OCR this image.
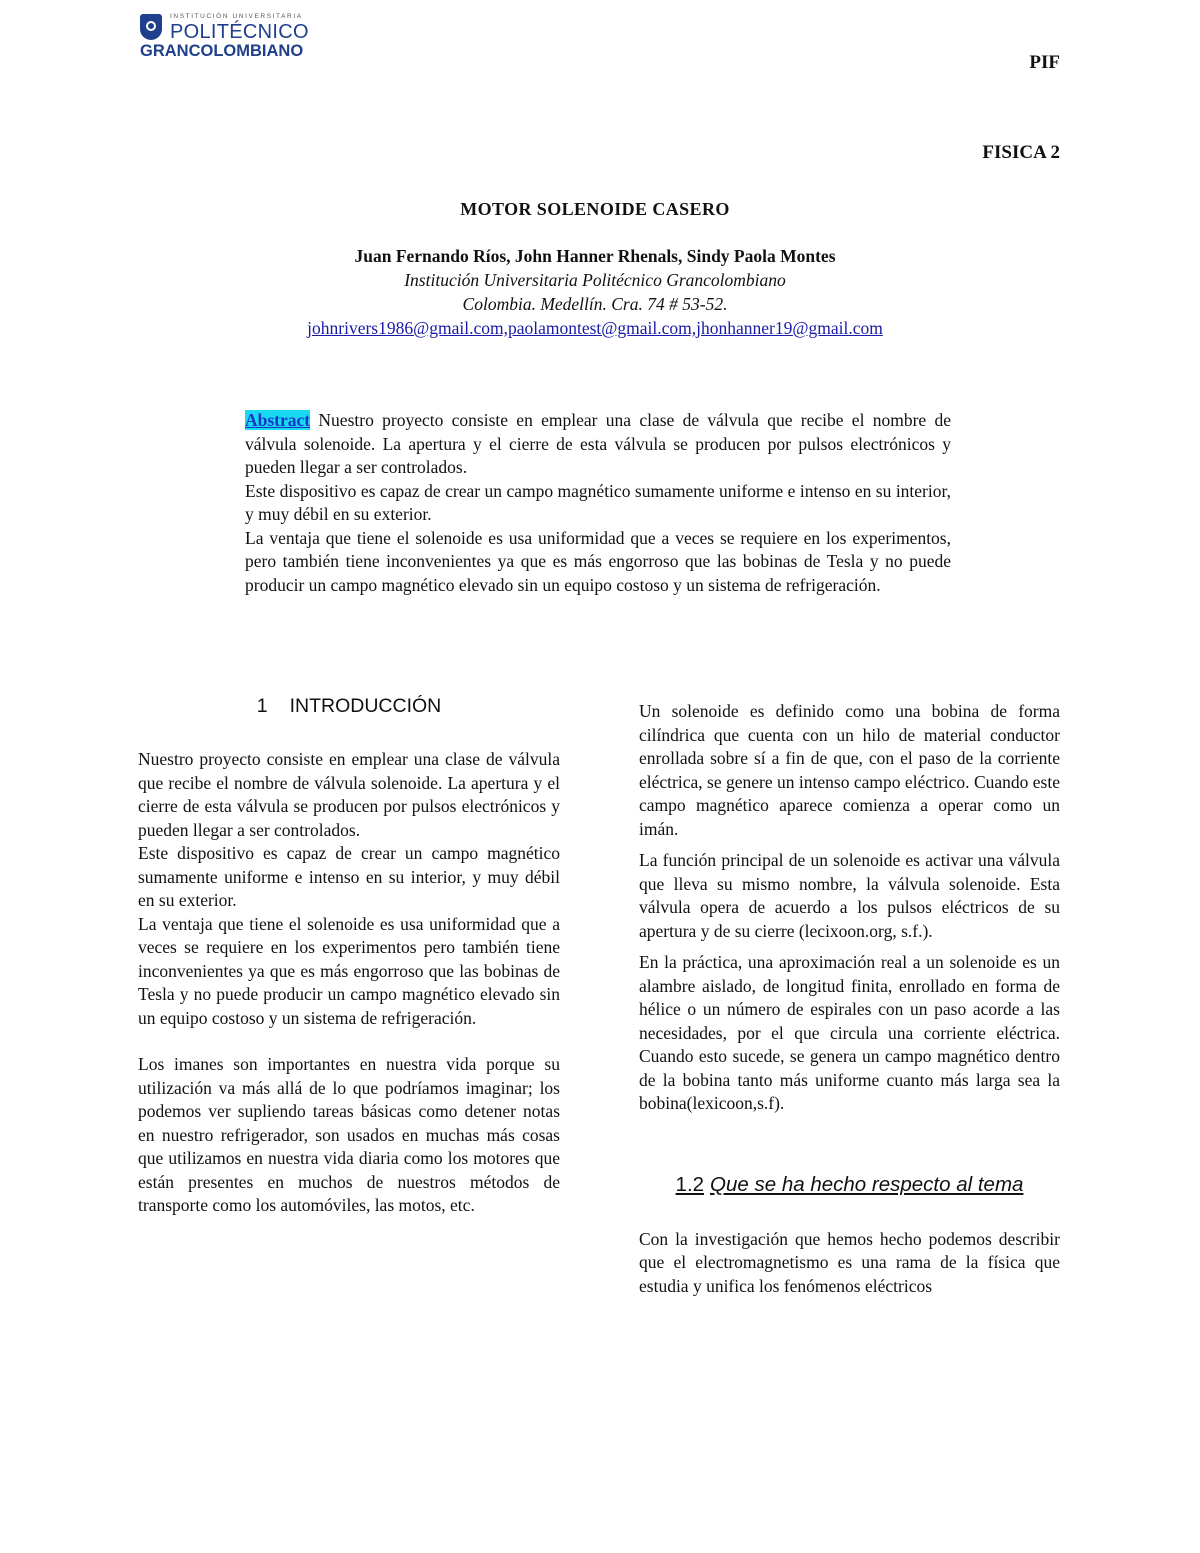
INSTITUCIÓN UNIVERSITARIA
POLITÉCNICO
GRANCOLOMBIANO
PIF
FISICA 2
MOTOR SOLENOIDE CASERO
Juan Fernando Ríos, John Hanner Rhenals, Sindy Paola Montes
Institución Universitaria Politécnico Grancolombiano
Colombia. Medellín. Cra. 74 # 53-52.
johnrivers1986@gmail.com,paolamontest@gmail.com,jhonhanner19@gmail.com

Abstract Nuestro proyecto consiste en emplear una clase de válvula que recibe el nombre de válvula solenoide. La apertura y el cierre de esta válvula se producen por pulsos electrónicos y pueden llegar a ser controlados.

Este dispositivo es capaz de crear un campo magnético sumamente uniforme e intenso en su interior, y muy débil en su exterior.

La ventaja que tiene el solenoide es usa uniformidad que a veces se requiere en los experimentos, pero también tiene inconvenientes ya que es más engorroso que las bobinas de Tesla y no puede producir un campo magnético elevado sin un equipo costoso y un sistema de refrigeración.

1 INTRODUCCIÓN

Nuestro proyecto consiste en emplear una clase de válvula que recibe el nombre de válvula solenoide. La apertura y el cierre de esta válvula se producen por pulsos electrónicos y pueden llegar a ser controlados.

Este dispositivo es capaz de crear un campo magnético sumamente uniforme e intenso en su interior, y muy débil en su exterior.

La ventaja que tiene el solenoide es usa uniformidad que a veces se requiere en los experimentos pero también tiene inconvenientes ya que es más engorroso que las bobinas de Tesla y no puede producir un campo magnético elevado sin un equipo costoso y un sistema de refrigeración.

Los imanes son importantes en nuestra vida porque su utilización va más allá de lo que podríamos imaginar; los podemos ver supliendo tareas básicas como detener notas en nuestro refrigerador, son usados en muchas más cosas que utilizamos en nuestra vida diaria como los motores que están presentes en muchos de nuestros métodos de transporte como los automóviles, las motos, etc.

Un solenoide es definido como una bobina de forma cilíndrica que cuenta con un hilo de material conductor enrollada sobre sí a fin de que, con el paso de la corriente eléctrica, se genere un intenso campo eléctrico. Cuando este campo magnético aparece comienza a operar como un imán.

La función principal de un solenoide es activar una válvula que lleva su mismo nombre, la válvula solenoide. Esta válvula opera de acuerdo a los pulsos eléctricos de su apertura y de su cierre (lecixoon.org, s.f.).

En la práctica, una aproximación real a un solenoide es un alambre aislado, de longitud finita, enrollado en forma de hélice o un número de espirales con un paso acorde a las necesidades, por el que circula una corriente eléctrica. Cuando esto sucede, se genera un campo magnético dentro de la bobina tanto más uniforme cuanto más larga sea la bobina(lexicoon,s.f).

1.2 Que se ha hecho respecto al tema

Con la investigación que hemos hecho podemos describir que el electromagnetismo es una rama de la física que estudia y unifica los fenómenos eléctricos
